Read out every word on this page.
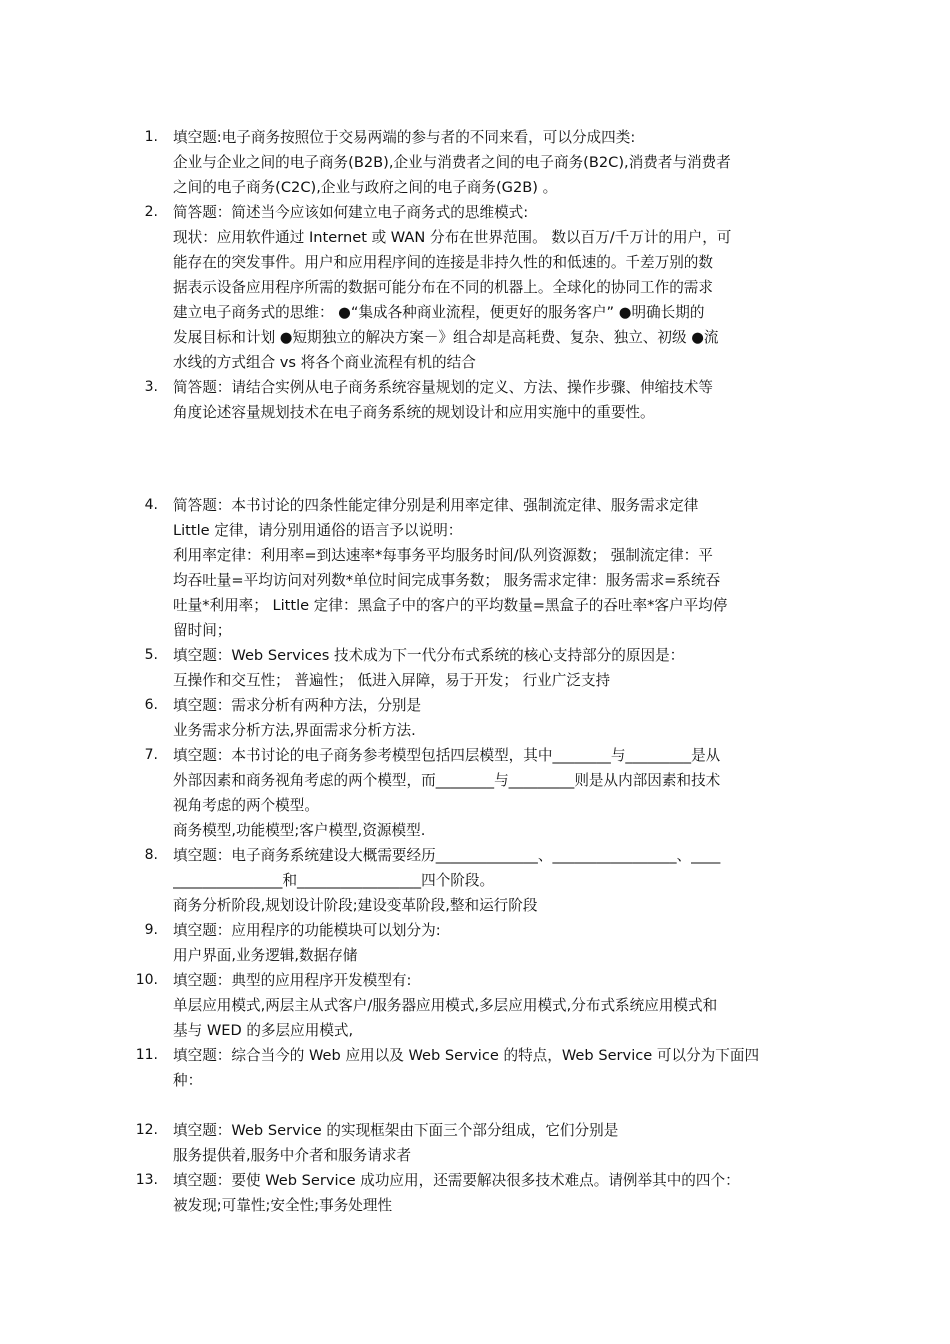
1. 填空题:电子商务按照位于交易两端的参与者的不同来看，可以分成四类:
企业与企业之间的电子商务(B2B),企业与消费者之间的电子商务(B2C),消费者与消费者
之间的电子商务(C2C),企业与政府之间的电子商务(G2B) 。
2. 简答题：简述当今应该如何建立电子商务式的思维模式:
现状：应用软件通过 Internet 或 WAN 分布在世界范围。 数以百万/千万计的用户，可
能存在的突发事件。用户和应用程序间的连接是非持久性的和低速的。千差万别的数
据表示设备应用程序所需的数据可能分布在不同的机器上。全球化的协同工作的需求
建立电子商务式的思维： ●“集成各种商业流程，便更好的服务客户” ●明确长期的
发展目标和计划 ●短期独立的解决方案－》组合却是高耗费、复杂、独立、初级 ●流
水线的方式组合 vs 将各个商业流程有机的结合
3. 简答题：请结合实例从电子商务系统容量规划的定义、方法、操作步骤、伸缩技术等
角度论述容量规划技术在电子商务系统的规划设计和应用实施中的重要性。
4. 简答题：本书讨论的四条性能定律分别是利用率定律、强制流定律、服务需求定律
Little 定律，请分别用通俗的语言予以说明：
利用率定律：利用率=到达速率*每事务平均服务时间/队列资源数； 强制流定律：平
均吞吐量=平均访问对列数*单位时间完成事务数； 服务需求定律：服务需求=系统吞
吐量*利用率； Little 定律：黑盒子中的客户的平均数量=黑盒子的吞吐率*客户平均停
留时间；
5. 填空题：Web Services 技术成为下一代分布式系统的核心支持部分的原因是：
互操作和交互性； 普遍性； 低进入屏障，易于开发； 行业广泛支持
6. 填空题：需求分析有两种方法，分别是
业务需求分析方法,界面需求分析方法.
7. 填空题：本书讨论的电子商务参考模型包括四层模型，其中________与_________是从
外部因素和商务视角考虑的两个模型，而________与_________则是从内部因素和技术
视角考虑的两个模型。
商务模型,功能模型;客户模型,资源模型.
8. 填空题：电子商务系统建设大概需要经历______________、_________________、____
_______________和_________________四个阶段。
商务分析阶段,规划设计阶段;建设变革阶段,整和运行阶段
9. 填空题：应用程序的功能模块可以划分为:
用户界面,业务逻辑,数据存储
10. 填空题：典型的应用程序开发模型有:
单层应用模式,两层主从式客户/服务器应用模式,多层应用模式,分布式系统应用模式和
基与 WED 的多层应用模式,
11. 填空题：综合当今的 Web 应用以及 Web Service 的特点，Web Service 可以分为下面四
种：
12. 填空题：Web Service 的实现框架由下面三个部分组成，它们分别是
服务提供着,服务中介者和服务请求者
13. 填空题：要使 Web Service 成功应用，还需要解决很多技术难点。请例举其中的四个：
被发现;可靠性;安全性;事务处理性
